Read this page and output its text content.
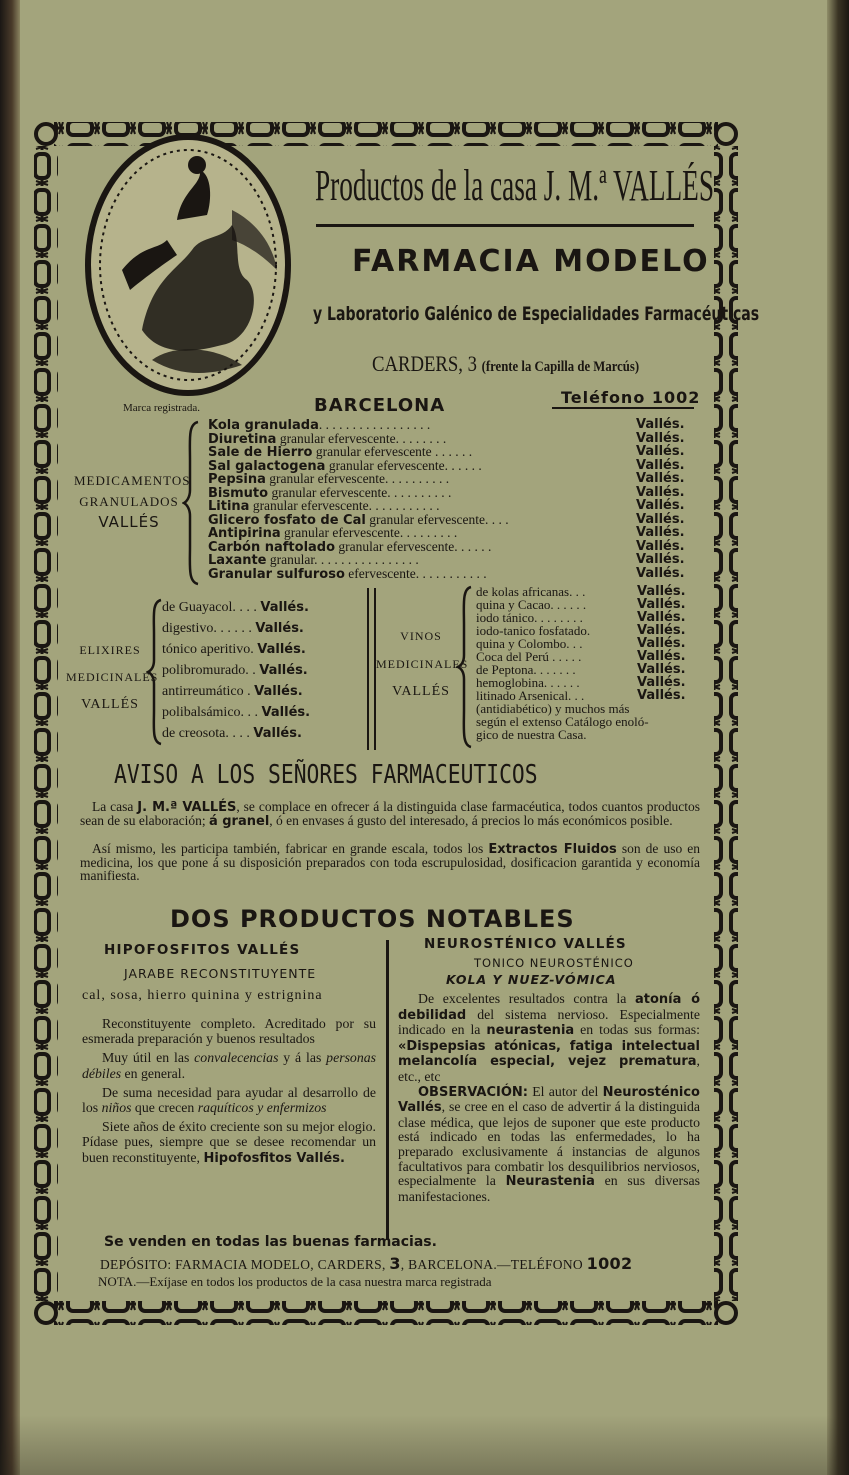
Marca registrada.
Productos de la casa J. M.ª VALLÉS
FARMACIA MODELO
y Laboratorio Galénico de Especialidades Farmacéuticas
CARDERS, 3 (frente la Capilla de Marcús)
BARCELONA	Teléfono 1002
MEDICAMENTOS
GRANULADOS
VALLÉS
Kola granulada. . . . . . . . . . . . . . . . .
Diuretina granular efervescente. . . . . . . .
Sale de Hierro granular efervescente . . . . . .
Sal galactogena granular efervescente. . . . . .
Pepsina granular efervescente. . . . . . . . . .
Bismuto granular efervescente. . . . . . . . . .
Litina granular efervescente. . . . . . . . . . .
Glicero fosfato de Cal granular efervescente. . . .
Antipirina granular efervescente. . . . . . . . .
Carbón naftolado granular efervescente. . . . . .
Laxante granular. . . . . . . . . . . . . . . .
Granular sulfuroso efervescente. . . . . . . . . . .
Vallés.
Vallés.
Vallés.
Vallés.
Vallés.
Vallés.
Vallés.
Vallés.
Vallés.
Vallés.
Vallés.
Vallés.
ELIXIRES
MEDICINALES
VALLÉS
de Guayacol. . . . Vallés.
digestivo. . . . . . Vallés.
tónico aperitivo. Vallés.
polibromurado. . Vallés.
antirreumático . Vallés.
polibalsámico. . . Vallés.
de creosota. . . . Vallés.
VINOS
MEDICINALES
VALLÉS
de kolas africanas. . .
quina y Cacao. . . . . .
iodo tánico. . . . . . . .
iodo-tanico fosfatado.
quina y Colombo. . .
Coca del Perú . . . . .
de Peptona. . . . . . .
hemoglobina. . . . . .
litinado Arsenical. . .
(antidiabético) y muchos más
según el extenso Catálogo enoló-
gico de nuestra Casa.
Vallés.
Vallés.
Vallés.
Vallés.
Vallés.
Vallés.
Vallés.
Vallés.
Vallés.
AVISO A LOS SEÑORES FARMACEUTICOS
La casa J. M.ª VALLÉS, se complace en ofrecer á la distinguida clase farmacéutica, todos cuantos productos sean de su elaboración; á granel, ó en envases á gusto del interesado, á precios lo más económicos posible.
Así mismo, les participa también, fabricar en grande escala, todos los Extractos Fluidos son de uso en medicina, los que pone á su disposición preparados con toda escrupulosidad, dosificacion garantida y economía manifiesta.
DOS PRODUCTOS NOTABLES
HIPOFOSFITOS VALLÉS
JARABE RECONSTITUYENTE
cal, sosa, hierro quinina y estrignina

Reconstituyente completo. Acreditado por su esmerada preparación y buenos resultados

Muy útil en las convalecencias y á las personas débiles en general.

De suma necesidad para ayudar al desarrollo de los niños que crecen raquíticos y enfermizos

Siete años de éxito creciente son su mejor elogio. Pídase pues, siempre que se desee recomendar un buen reconstituyente, Hipofosfitos Vallés.

NEUROSTÉNICO VALLÉS
TONICO NEUROSTÉNICO
KOLA Y NUEZ-VÓMICA

De excelentes resultados contra la atonía ó debilidad del sistema nervioso. Especialmente indicado en la neurastenia en todas sus formas: «Dispepsias atónicas, fatiga intelectual melancolía especial, vejez prematura, etc., etc

OBSERVACIÓN: El autor del Neurosténico Vallés, se cree en el caso de advertir á la distinguida clase médica, que lejos de suponer que este producto está indicado en todas las enfermedades, lo ha preparado exclusivamente á instancias de algunos facultativos para combatir los desquilibrios nerviosos, especialmente la Neurastenia en sus diversas manifestaciones.

Se venden en todas las buenas farmacias.
DEPÓSITO: FARMACIA MODELO, CARDERS, 3, BARCELONA.—TELÉFONO 1002
NOTA.—Exíjase en todos los productos de la casa nuestra marca registrada
